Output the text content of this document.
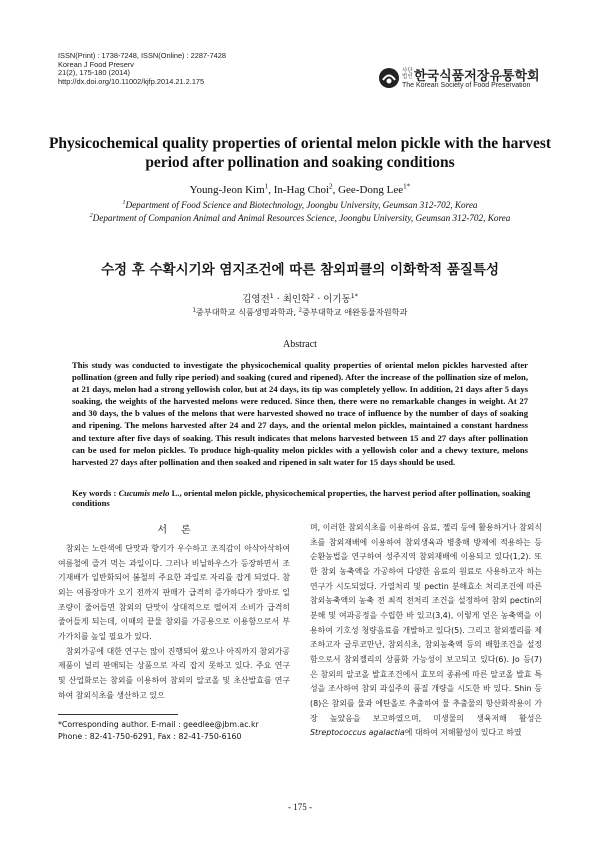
ISSN(Print) : 1738-7248, ISSN(Online) : 2287-7428
Korean J Food Preserv
21(2), 175-180 (2014)
http://dx.doi.org/10.11002/kjfp.2014.21.2.175
사단
법인 한국식품저장유통학회
The Korean Society of Food Preservation
Physicochemical quality properties of oriental melon pickle with the harvest period after pollination and soaking conditions
Young-Jeon Kim$^1$, In-Hag Choi$^2$, Gee-Dong Lee$^{1*}$
$^1$Department of Food Science and Biotechnology, Joongbu University, Geumsan 312-702, Korea
$^2$Department of Companion Animal and Animal Resources Science, Joongbu University, Geumsan 312-702, Korea
수정 후 수확시기와 염지조건에 따른 참외피클의 이화학적 품질특성
김영전$^1$ · 최인학$^2$ · 이기동$^{1*}$
$^1$중부대학교 식품생명과학과, $^2$중부대학교 애완동물자원학과
Abstract
This study was conducted to investigate the physicochemical quality properties of oriental melon pickles harvested after pollination (green and fully ripe period) and soaking (cured and ripened). After the increase of the pollination size of melon, at 21 days, melon had a strong yellowish color, but at 24 days, its tip was completely yellow. In addition, 21 days after 5 days soaking, the weights of the harvested melons were reduced. Since then, there were no remarkable changes in weight. At 27 and 30 days, the b values of the melons that were harvested showed no trace of influence by the number of days of soaking and ripening. The melons harvested after 24 and 27 days, and the oriental melon pickles, maintained a constant hardness and texture after five days of soaking. This result indicates that melons harvested between 15 and 27 days after pollination can be used for melon pickles. To produce high-quality melon pickles with a yellowish color and a chewy texture, melons harvested 27 days after pollination and then soaked and ripened in salt water for 15 days should be used.
Key words : Cucumis melo L., oriental melon pickle, physicochemical properties, the harvest period after pollination, soaking conditions
서론

참외는 노란색에 단맛과 향기가 우수하고 조직감이 아삭아삭하여 여름철에 즐겨 먹는 과일이다. 그러나 비닐하우스가 등장하면서 조기재배가 일반화되어 봄철의 주요한 과일로 자리를 잡게 되었다. 참외는 여름장마가 오기 전까지 판매가 급격히 증가하다가 장마로 일조량이 줄어들면 참외의 단맛이 상대적으로 떨어져 소비가 급격히 줄어들게 되는데, 이때의 끝물 참외를 가공용으로 이용함으로서 부가가치를 높일 필요가 있다.

참외가공에 대한 연구는 많이 진행되어 왔으나 아직까지 참외가공제품이 널리 판매되는 상품으로 자리 잡지 못하고 있다. 주요 연구 및 산업화로는 참외를 이용하여 참외의 알코올 및 초산발효를 연구하여 참외식초를 생산하고 있으

며, 이러한 참외식초를 이용하여 음료, 젤리 등에 활용하거나 참외식초를 참외재배에 이용하여 참외생육과 병충해 방제에 적용하는 등 순환농법을 연구하여 성주지역 참외재배에 이용되고 있다(1,2). 또한 참외 농축액을 가공하여 다양한 음료의 원료로 사용하고자 하는 연구가 시도되었다. 가열처리 및 pectin 분해효소 처리조건에 따른 참외농축액의 농축 전 최적 전처리 조건을 설정하여 참외 pectin의 분해 및 여과공정을 수립한 바 있고(3,4), 이렇게 얻은 농축액을 이용하여 기호성 청량음료를 개발하고 있다(5). 그리고 참외젤리를 제조하고자 글루코만난, 참외식초, 참외농축액 등의 배합조건을 설정함으로서 참외젤리의 상품화 가능성이 보고되고 있다(6). Jo 등(7)은 참외의 알코올 발효조건에서 효모의 종류에 따른 알코올 발효 특성을 조사하여 참외 과실주의 품질 개량을 시도한 바 있다. Shin 등(8)은 참외를 물과 에탄올로 추출하여 물 추출물의 항산화작용이 가장 높았음을 보고하였으며, 미생물의 생육저해 활성은 Streptococcus agalactia에 대하여 저해활성이 있다고 하였

*Corresponding author. E-mail : geedlee@jbm.ac.kr
Phone : 82-41-750-6291, Fax : 82-41-750-6160
- 175 -
